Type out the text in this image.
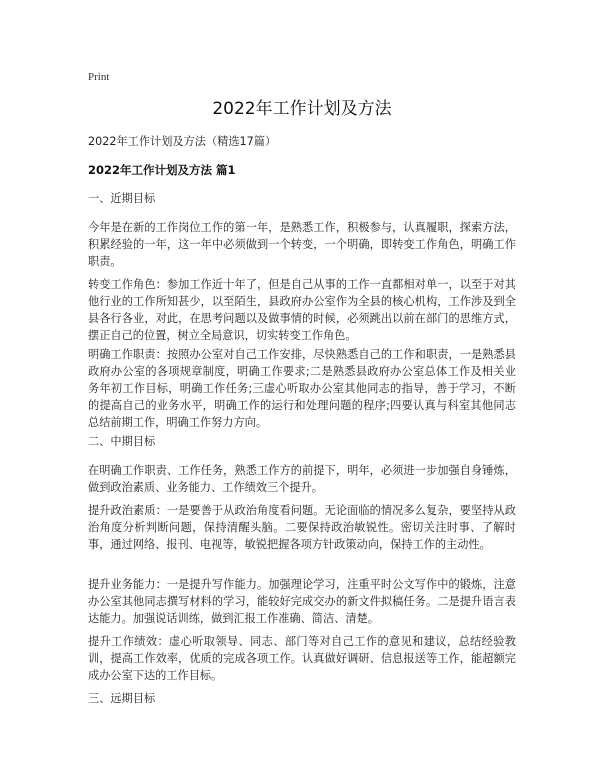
Print
2022年工作计划及方法

2022年工作计划及方法（精选17篇）

2022年工作计划及方法 篇1

一、近期目标

今年是在新的工作岗位工作的第一年，是熟悉工作，积极参与，认真履职，探索方法，积累经验的一年，这一年中必须做到一个转变，一个明确，即转变工作角色，明确工作职责。

转变工作角色：参加工作近十年了，但是自己从事的工作一直都相对单一，以至于对其他行业的工作所知甚少，以至陌生，县政府办公室作为全县的核心机构，工作涉及到全县各行各业，对此，在思考问题以及做事情的时候，必须跳出以前在部门的思维方式，摆正自己的位置，树立全局意识，切实转变工作角色。

明确工作职责：按照办公室对自己工作安排，尽快熟悉自己的工作和职责，一是熟悉县政府办公室的各项规章制度，明确工作要求;二是熟悉县政府办公室总体工作及相关业务年初工作目标，明确工作任务;三虚心听取办公室其他同志的指导，善于学习，不断的提高自己的业务水平，明确工作的运行和处理问题的程序;四要认真与科室其他同志总结前期工作，明确工作努力方向。

二、中期目标

在明确工作职责、工作任务，熟悉工作方的前提下，明年，必须进一步加强自身锤炼，做到政治素质、业务能力、工作绩效三个提升。

提升政治素质：一是要善于从政治角度看问题。无论面临的情况多么复杂，要坚持从政治角度分析判断问题，保持清醒头脑。二要保持政治敏锐性。密切关注时事、了解时事，通过网络、报刊、电视等，敏锐把握各项方针政策动向，保持工作的主动性。

提升业务能力：一是提升写作能力。加强理论学习，注重平时公文写作中的锻炼，注意办公室其他同志撰写材料的学习，能较好完成交办的新文件拟稿任务。二是提升语言表达能力。加强说话训练，做到汇报工作准确、简洁、清楚。

提升工作绩效：虚心听取领导、同志、部门等对自己工作的意见和建议，总结经验教训，提高工作效率，优质的完成各项工作。认真做好调研、信息报送等工作，能超额完成办公室下达的工作目标。

三、远期目标
